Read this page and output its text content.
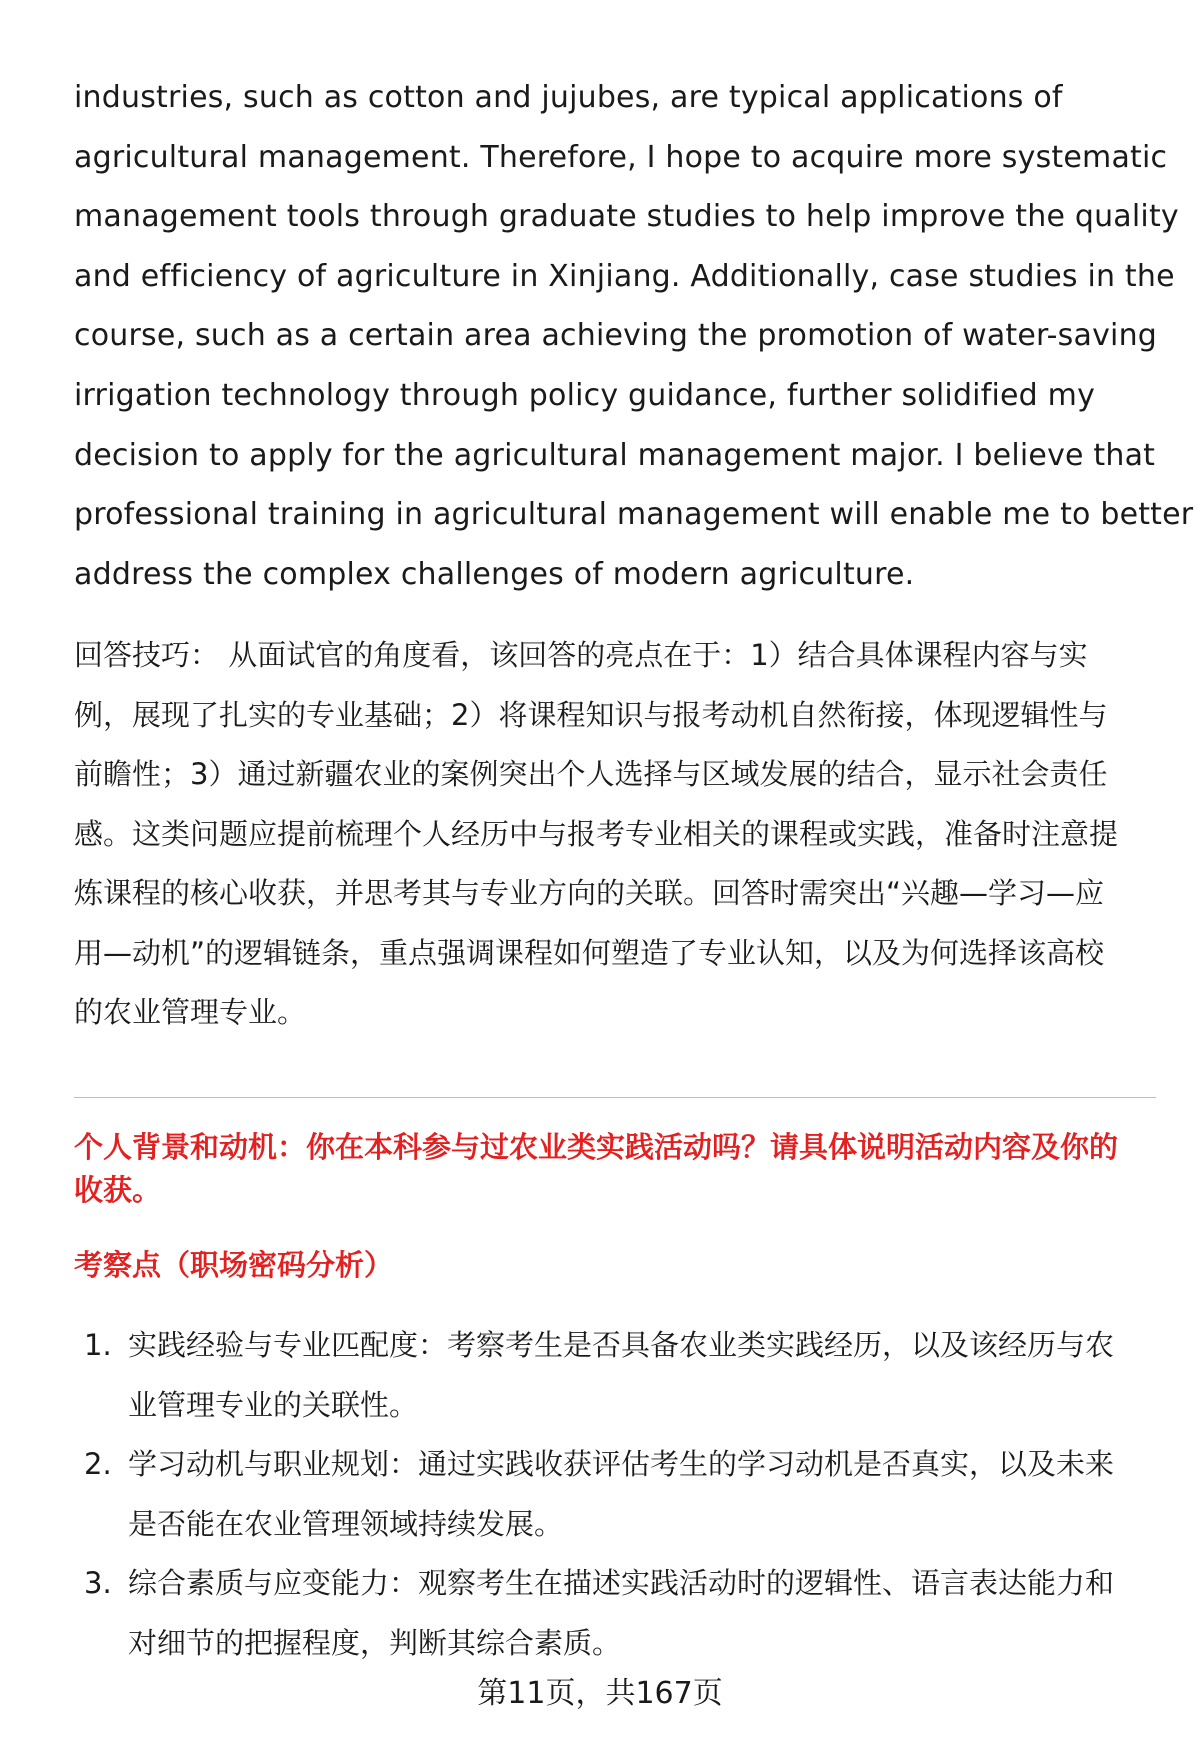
industries, such as cotton and jujubes, are typical applications of
agricultural management. Therefore, I hope to acquire more systematic
management tools through graduate studies to help improve the quality
and efficiency of agriculture in Xinjiang. Additionally, case studies in the
course, such as a certain area achieving the promotion of water-saving
irrigation technology through policy guidance, further solidified my
decision to apply for the agricultural management major. I believe that
professional training in agricultural management will enable me to better
address the complex challenges of modern agriculture.

回答技巧： 从面试官的角度看，该回答的亮点在于：1）结合具体课程内容与实
例，展现了扎实的专业基础；2）将课程知识与报考动机自然衔接，体现逻辑性与
前瞻性；3）通过新疆农业的案例突出个人选择与区域发展的结合，显示社会责任
感。这类问题应提前梳理个人经历中与报考专业相关的课程或实践，准备时注意提
炼课程的核心收获，并思考其与专业方向的关联。回答时需突出“兴趣—学习—应
用—动机”的逻辑链条，重点强调课程如何塑造了专业认知，以及为何选择该高校
的农业管理专业。

个人背景和动机：你在本科参与过农业类实践活动吗？请具体说明活动内容及你的
收获。
考察点（职场密码分析）
1. 实践经验与专业匹配度：考察考生是否具备农业类实践经历，以及该经历与农
业管理专业的关联性。
2. 学习动机与职业规划：通过实践收获评估考生的学习动机是否真实，以及未来
是否能在农业管理领域持续发展。
3. 综合素质与应变能力：观察考生在描述实践活动时的逻辑性、语言表达能力和
对细节的把握程度，判断其综合素质。
第11页，共167页
